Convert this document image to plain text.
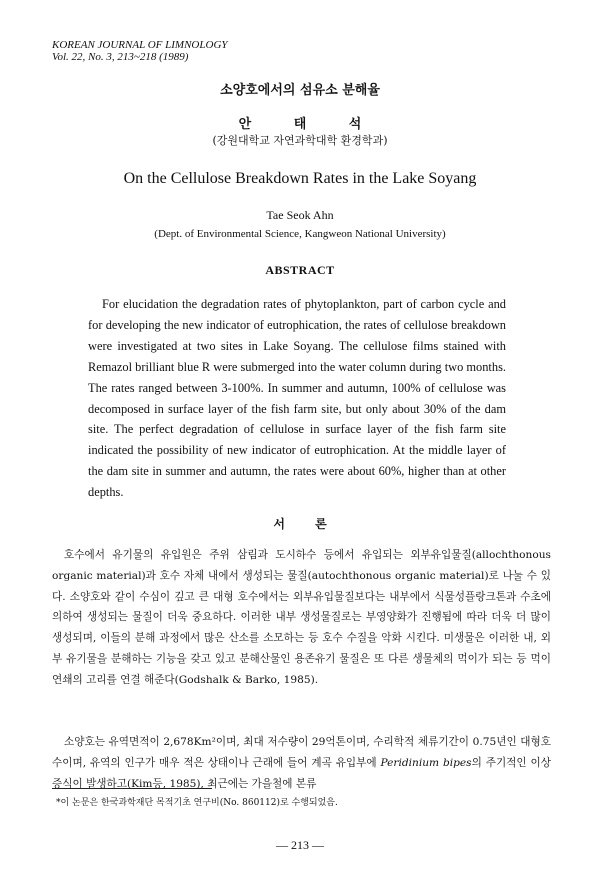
KOREAN JOURNAL OF LIMNOLOGY
Vol. 22, No. 3, 213~218 (1989)
소양호에서의 섬유소 분해율
안 태 석
(강원대학교 자연과학대학 환경학과)
On the Cellulose Breakdown Rates in the Lake Soyang
Tae Seok Ahn
(Dept. of Environmental Science, Kangweon National University)
ABSTRACT

For elucidation the degradation rates of phytoplankton, part of carbon cycle and for developing the new indicator of eutrophication, the rates of cellulose breakdown were investigated at two sites in Lake Soyang. The cellulose films stained with Remazol brilliant blue R were submerged into the water column during two months. The rates ranged between 3-100%. In summer and autumn, 100% of cellulose was decomposed in surface layer of the fish farm site, but only about 30% of the dam site. The perfect degradation of cellulose in surface layer of the fish farm site indicated the possibility of new indicator of eutrophication. At the middle layer of the dam site in summer and autumn, the rates were about 60%, higher than at other depths.

서 론

호수에서 유기물의 유입원은 주위 삼림과 도시하수 등에서 유입되는 외부유입물질(allochthonous organic material)과 호수 자체 내에서 생성되는 물질(autochthonous organic material)로 나눌 수 있다. 소양호와 같이 수심이 깊고 큰 대형 호수에서는 외부유입물질보다는 내부에서 식물성플랑크톤과 수초에 의하여 생성되는 물질이 더욱 중요하다. 이러한 내부 생성물질로는 부영양화가 진행됨에 따라 더욱 더 많이 생성되며, 이들의 분해 과정에서 많은 산소를 소모하는 등 호수 수질을 악화 시킨다. 미생물은 이러한 내, 외부 유기물을 분해하는 기능을 갖고 있고 분해산물인 용존유기 물질은 또 다른 생물체의 먹이가 되는 등 먹이연쇄의 고리를 연결 해준다(Godshalk & Barko, 1985).

소양호는 유역면적이 2,678Km²이며, 최대 저수량이 29억톤이며, 수리학적 체류기간이 0.75년인 대형호수이며, 유역의 인구가 매우 적은 상태이나 근래에 들어 계곡 유입부에 Peridinium bipes의 주기적인 이상증식이 발생하고(Kim등, 1985), 최근에는 가을철에 본류

*이 논문은 한국과학재단 목적기초 연구비(No. 860112)로 수행되었음.
— 213 —
